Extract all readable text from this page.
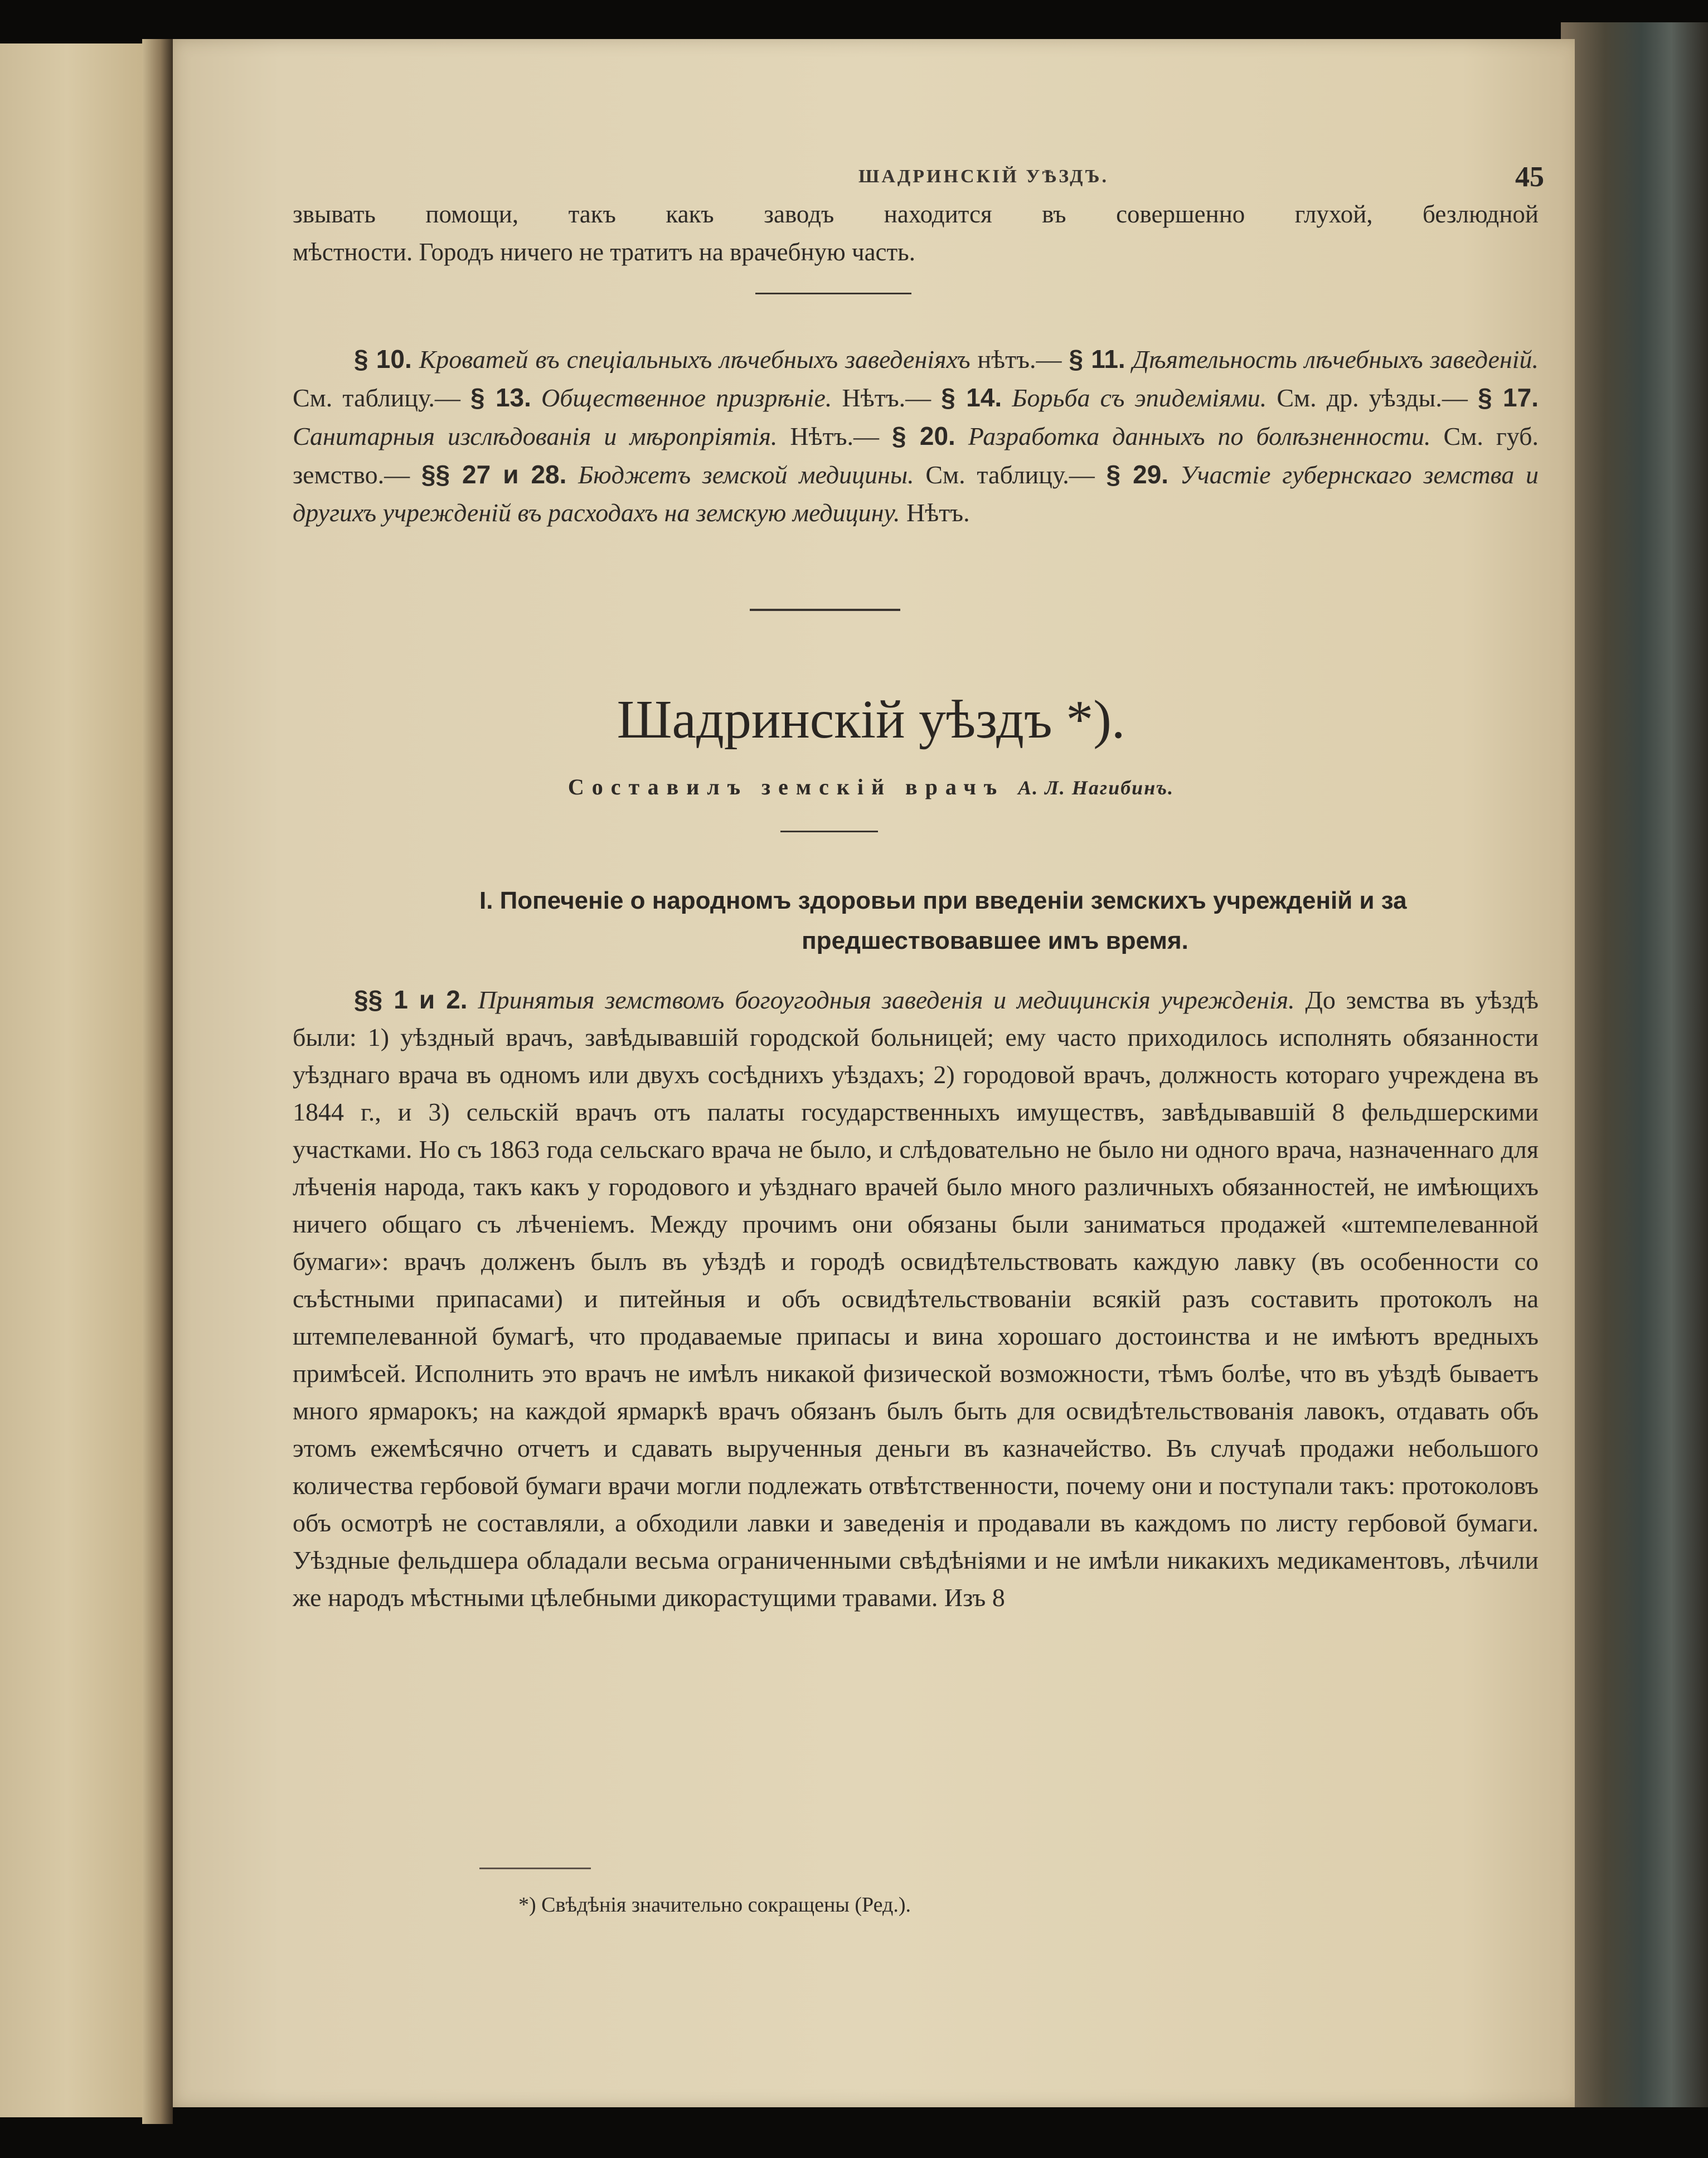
ШАДРИНСКІЙ УѢЗДЪ.	45
звывать помощи, такъ какъ заводъ находится въ совершенно глухой, безлюдной
мѣстности. Городъ ничего не тратитъ на врачебную часть.
§ 10. Кроватей въ спеціальныхъ лѣчебныхъ заведеніяхъ нѣтъ.— § 11. Дѣятельность лѣчебныхъ заведеній. См. таблицу.— § 13. Общественное призрѣніе. Нѣтъ.— § 14. Борьба съ эпидеміями. См. др. уѣзды.— § 17. Санитарныя изслѣдованія и мѣропріятія. Нѣтъ.— § 20. Разработка данныхъ по болѣзненности. См. губ. земство.— §§ 27 и 28. Бюджетъ земской медицины. См. таблицу.— § 29. Участіе губернскаго земства и другихъ учрежденій въ расходахъ на земскую медицину. Нѣтъ.
Шадринскій уѣздъ *).
Составилъ земскій врачъ А. Л. Нагибинъ.
I. Попеченіе о народномъ здоровьи при введеніи земскихъ учрежденій и за
предшествовавшее имъ время.
§§ 1 и 2. Принятыя земствомъ богоугодныя заведенія и медицинскія учрежденія. До земства въ уѣздѣ были: 1) уѣздный врачъ, завѣдывавшій городской больницей; ему часто приходилось исполнять обязанности уѣзднаго врача въ одномъ или двухъ сосѣднихъ уѣздахъ; 2) городовой врачъ, должность котораго учреждена въ 1844 г., и 3) сельскій врачъ отъ палаты государственныхъ имуществъ, завѣдывавшій 8 фельдшерскими участками. Но съ 1863 года сельскаго врача не было, и слѣдовательно не было ни одного врача, назначеннаго для лѣченія народа, такъ какъ у городового и уѣзднаго врачей было много различныхъ обязанностей, не имѣющихъ ничего общаго съ лѣченіемъ. Между прочимъ они обязаны были заниматься продажей «штемпелеванной бумаги»: врачъ долженъ былъ въ уѣздѣ и городѣ освидѣтельствовать каждую лавку (въ особенности со съѣстными припасами) и питейныя и объ освидѣтельствованіи всякій разъ составить протоколъ на штемпелеванной бумагѣ, что продаваемые припасы и вина хорошаго достоинства и не имѣютъ вредныхъ примѣсей. Исполнить это врачъ не имѣлъ никакой физической возможности, тѣмъ болѣе, что въ уѣздѣ бываетъ много ярмарокъ; на каждой ярмаркѣ врачъ обязанъ былъ быть для освидѣтельствованія лавокъ, отдавать объ этомъ ежемѣсячно отчетъ и сдавать вырученныя деньги въ казначейство. Въ случаѣ продажи небольшого количества гербовой бумаги врачи могли подлежать отвѣтственности, почему они и поступали такъ: протоколовъ объ осмотрѣ не составляли, а обходили лавки и заведенія и продавали въ каждомъ по листу гербовой бумаги. Уѣздные фельдшера обладали весьма ограниченными свѣдѣніями и не имѣли никакихъ медикаментовъ, лѣчили же народъ мѣстными цѣлебными дикорастущими травами. Изъ 8
*) Свѣдѣнія значительно сокращены (Ред.).
